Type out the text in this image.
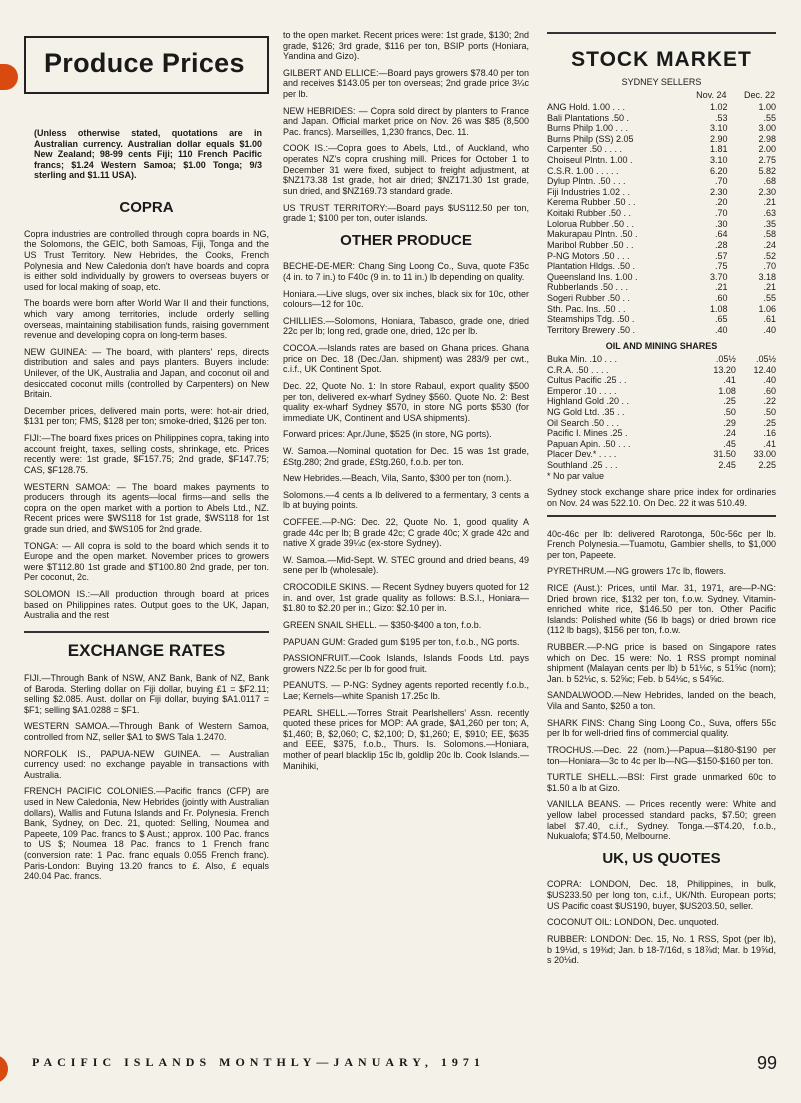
Produce Prices

(Unless otherwise stated, quotations are in Australian currency. Australian dollar equals $1.00 New Zealand; 98-99 cents Fiji; 110 French Pacific francs; $1.24 Western Samoa; $1.00 Tonga; 9/3 sterling and $1.11 USA).

COPRA

Copra industries are controlled through copra boards in NG, the Solomons, the GEIC, both Samoas, Fiji, Tonga and the US Trust Territory. New Hebrides, the Cooks, French Polynesia and New Caledonia don't have boards and copra is either sold individually by growers to overseas buyers or used for local making of soap, etc.

The boards were born after World War II and their functions, which vary among territories, include orderly selling overseas, maintaining stabilisation funds, raising government revenue and developing copra on long-term bases.

NEW GUINEA: — The board, with planters' reps, directs distribution and sales and pays planters. Buyers include: Unilever, of the UK, Australia and Japan, and coconut oil and desiccated coconut mills (controlled by Carpenters) on New Britain.

December prices, delivered main ports, were: hot-air dried, $131 per ton; FMS, $128 per ton; smoke-dried, $126 per ton.

FIJI:—The board fixes prices on Philippines copra, taking into account freight, taxes, selling costs, shrinkage, etc. Prices recently were: 1st grade, $F157.75; 2nd grade, $F147.75; CAS, $F128.75.

WESTERN SAMOA: — The board makes payments to producers through its agents—local firms—and sells the copra on the open market with a portion to Abels Ltd., NZ. Recent prices were $WS118 for 1st grade, $WS118 for 1st grade sun dried, and $WS105 for 2nd grade.

TONGA: — All copra is sold to the board which sends it to Europe and the open market. November prices to growers were $T112.80 1st grade and $T100.80 2nd grade, per ton. Per coconut, 2c.

SOLOMON IS.:—All production through board at prices based on Philippines rates. Output goes to the UK, Japan, Australia and the rest

EXCHANGE RATES

FIJI.—Through Bank of NSW, ANZ Bank, Bank of NZ, Bank of Baroda. Sterling dollar on Fiji dollar, buying £1 = $F2.11; selling $2.085. Aust. dollar on Fiji dollar, buying $A1.0117 = $F1; selling $A1.0288 = $F1.

WESTERN SAMOA.—Through Bank of Western Samoa, controlled from NZ, seller $A1 to $WS Tala 1.2470.

NORFOLK IS., PAPUA-NEW GUINEA. — Australian currency used: no exchange payable in transactions with Australia.

FRENCH PACIFIC COLONIES.—Pacific francs (CFP) are used in New Caledonia, New Hebrides (jointly with Australian dollars), Wallis and Futuna Islands and Fr. Polynesia. French Bank, Sydney, on Dec. 21, quoted: Selling, Noumea and Papeete, 109 Pac. francs to $ Aust.; approx. 100 Pac. francs to US $; Noumea 18 Pac. francs to 1 French franc (conversion rate: 1 Pac. franc equals 0.055 French franc). Paris-London: Buying 13.20 francs to £. Also, £ equals 240.04 Pac. francs.

to the open market. Recent prices were: 1st grade, $130; 2nd grade, $126; 3rd grade, $116 per ton, BSIP ports (Honiara, Yandina and Gizo).

GILBERT AND ELLICE:—Board pays growers $78.40 per ton and receives $143.05 per ton overseas; 2nd grade price 3¼c per lb.

NEW HEBRIDES: — Copra sold direct by planters to France and Japan. Official market price on Nov. 26 was $85 (8,500 Pac. francs). Marseilles, 1,230 francs, Dec. 11.

COOK IS.:—Copra goes to Abels, Ltd., of Auckland, who operates NZ's copra crushing mill. Prices for October 1 to December 31 were fixed, subject to freight adjustment, at $NZ173.38 1st grade, hot air dried; $NZ171.30 1st grade, sun dried, and $NZ169.73 standard grade.

US TRUST TERRITORY:—Board pays $US112.50 per ton, grade 1; $100 per ton, outer islands.

OTHER PRODUCE

BECHE-DE-MER: Chang Sing Loong Co., Suva, quote F35c (4 in. to 7 in.) to F40c (9 in. to 11 in.) lb depending on quality.

Honiara.—Live slugs, over six inches, black six for 10c, other colours—12 for 10c.

CHILLIES.—Solomons, Honiara, Tabasco, grade one, dried 22c per lb; long red, grade one, dried, 12c per lb.

COCOA.—Islands rates are based on Ghana prices. Ghana price on Dec. 18 (Dec./Jan. shipment) was 283/9 per cwt., c.i.f., UK Continent Spot.

Dec. 22, Quote No. 1: In store Rabaul, export quality $500 per ton, delivered ex-wharf Sydney $560. Quote No. 2: Best quality ex-wharf Sydney $570, in store NG ports $530 (for immediate UK, Continent and USA shipments).

Forward prices: Apr./June, $525 (in store, NG ports).

W. Samoa.—Nominal quotation for Dec. 15 was 1st grade, £Stg.280; 2nd grade, £Stg.260, f.o.b. per ton.

New Hebrides.—Beach, Vila, Santo, $300 per ton (nom.).

Solomons.—4 cents a lb delivered to a fermentary, 3 cents a lb at buying points.

COFFEE.—P-NG: Dec. 22, Quote No. 1, good quality A grade 44c per lb; B grade 42c; C grade 40c; X grade 42c and native X grade 39¼c (ex-store Sydney).

W. Samoa.—Mid-Sept. W. STEC ground and dried beans, 49 sene per lb (wholesale).

CROCODILE SKINS. — Recent Sydney buyers quoted for 12 in. and over, 1st grade quality as follows: B.S.I., Honiara—$1.80 to $2.20 per in.; Gizo: $2.10 per in.

GREEN SNAIL SHELL. — $350-$400 a ton, f.o.b.

PAPUAN GUM: Graded gum $195 per ton, f.o.b., NG ports.

PASSIONFRUIT.—Cook Islands, Islands Foods Ltd. pays growers NZ2.5c per lb for good fruit.

PEANUTS. — P-NG: Sydney agents reported recently f.o.b., Lae; Kernels—white Spanish 17.25c lb.

PEARL SHELL.—Torres Strait Pearlshellers' Assn. recently quoted these prices for MOP: AA grade, $A1,260 per ton; A, $1,460; B, $2,060; C, $2,100; D, $1,260; E, $910; EE, $635 and EEE, $375, f.o.b., Thurs. Is. Solomons.—Honiara, mother of pearl blacklip 15c lb, goldlip 20c lb. Cook Islands.—Manihiki,

STOCK MARKET
SYDNEY SELLERS
	Nov. 24	Dec. 22
ANG Hold. 1.00 . . .	1.02	1.00
Bali Plantations .50 .	.53	.55
Burns Philp 1.00 . . .	3.10	3.00
Burns Philp (SS) 2.05	2.90	2.98
Carpenter .50 . . . .	1.81	2.00
Choiseul Plntn. 1.00 .	3.10	2.75
C.S.R. 1.00 . . . . .	6.20	5.82
Dylup Plntn. .50 . . .	.70	.68
Fiji Industries 1.02 . .	2.30	2.30
Kerema Rubber .50 . .	.20	.21
Koitaki Rubber .50 . .	.70	.63
Lolorua Rubber .50 . .	.30	.35
Makurapau Plntn. .50 .	.64	.58
Maribol Rubber .50 . .	.28	.24
P-NG Motors .50 . . .	.57	.52
Plantation Hldgs. .50 .	.75	.70
Queensland Ins. 1.00 .	3.70	3.18
Rubberlands .50 . . .	.21	.21
Sogeri Rubber .50 . .	.60	.55
Sth. Pac. Ins. .50 . .	1.08	1.06
Steamships Tdg. .50 .	.65	.61
Territory Brewery .50 .	.40	.40
OIL AND MINING SHARES
Buka Min. .10 . . .	.05½	.05½
C.R.A. .50 . . . .	13.20	12.40
Cultus Pacific .25 . .	.41	.40
Emperor .10 . . . .	1.08	.60
Highland Gold .20 . .	.25	.22
NG Gold Ltd. .35 . .	.50	.50
Oil Search .50 . . .	.29	.25
Pacific I. Mines .25 .	.24	.16
Papuan Apin. .50 . . .	.45	.41
Placer Dev.* . . . .	31.50	33.00
Southland .25 . . .	2.45	2.25
* No par value

Sydney stock exchange share price index for ordinaries on Nov. 24 was 522.10. On Dec. 22 it was 510.49.

40c-46c per lb: delivered Rarotonga, 50c-56c per lb. French Polynesia.—Tuamotu, Gambier shells, to $1,000 per ton, Papeete.

PYRETHRUM.—NG growers 17c lb, flowers.

RICE (Aust.): Prices, until Mar. 31, 1971, are—P-NG: Dried brown rice, $132 per ton, f.o.w. Sydney. Vitamin-enriched white rice, $146.50 per ton. Other Pacific Islands: Polished white (56 lb bags) or dried brown rice (112 lb bags), $156 per ton, f.o.w.

RUBBER.—P-NG price is based on Singapore rates which on Dec. 15 were: No. 1 RSS prompt nominal shipment (Malayan cents per lb) b 51⅛c, s 51⅝c (nom); Jan. b 52⅛c, s. 52⅝c; Feb. b 54⅛c, s 54⅝c.

SANDALWOOD.—New Hebrides, landed on the beach, Vila and Santo, $250 a ton.

SHARK FINS: Chang Sing Loong Co., Suva, offers 55c per lb for well-dried fins of commercial quality.

TROCHUS.—Dec. 22 (nom.)—Papua—$180-$190 per ton—Honiara—3c to 4c per lb—NG—$150-$160 per ton.

TURTLE SHELL.—BSI: First grade unmarked 60c to $1.50 a lb at Gizo.

VANILLA BEANS. — Prices recently were: White and yellow label processed standard packs, $7.50; green label $7.40, c.i.f., Sydney. Tonga.—$T4.20, f.o.b., Nukualofa; $T4.50, Melbourne.

UK, US QUOTES

COPRA: LONDON, Dec. 18, Philippines, in bulk, $US233.50 per long ton, c.i.f., UK/Nth. European ports; US Pacific coast $US190, buyer, $US203.50, seller.

COCONUT OIL: LONDON, Dec. unquoted.

RUBBER: LONDON: Dec. 15, No. 1 RSS, Spot (per lb), b 19⅛d, s 19⅜d; Jan. b 18-7/16d, s 18⅞d; Mar. b 19⅝d, s 20⅛d.

PACIFIC ISLANDS MONTHLY—JANUARY, 1971	99
